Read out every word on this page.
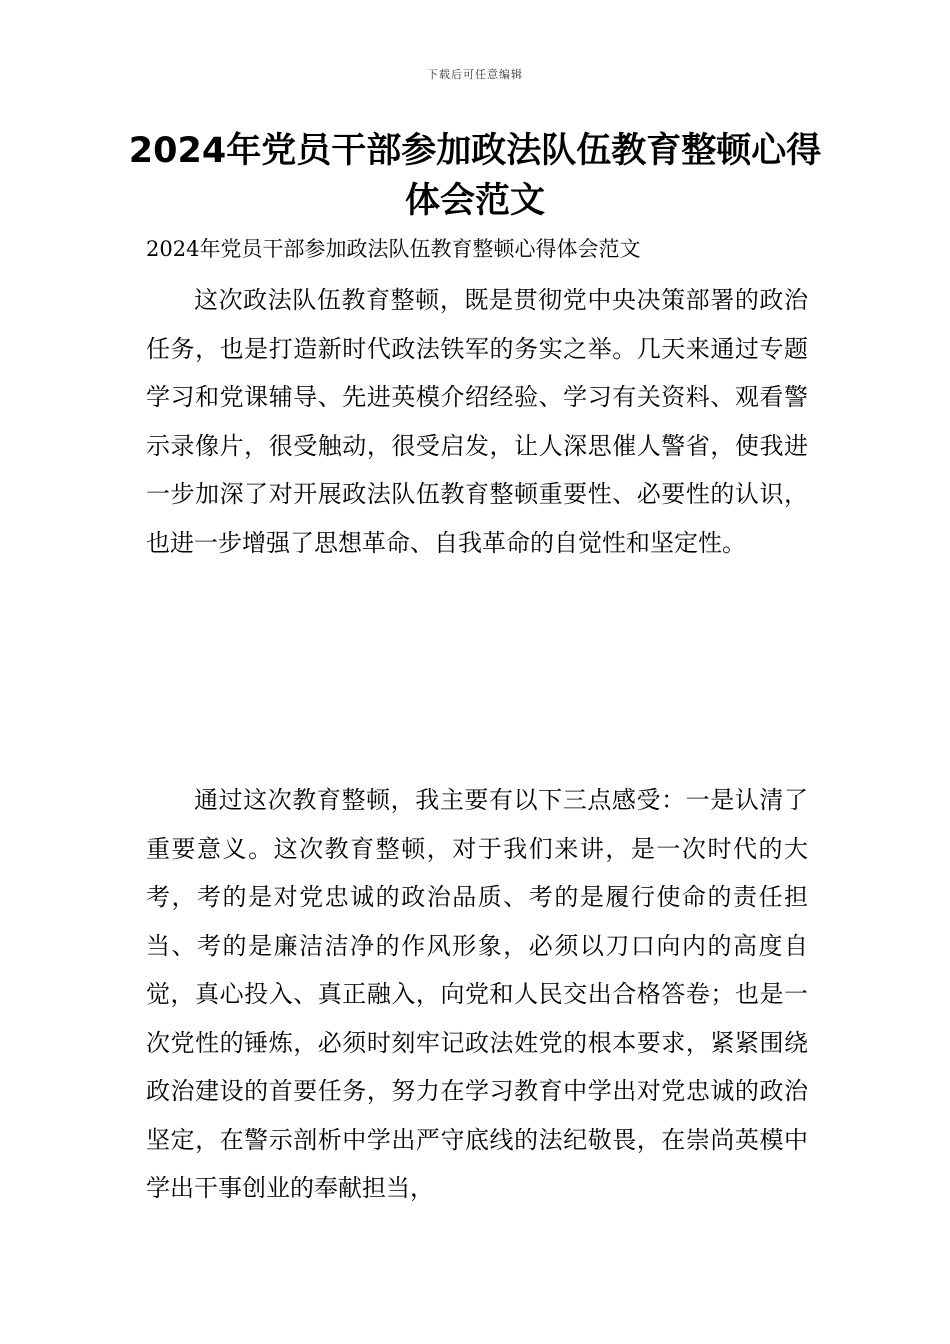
下载后可任意编辑
2024年党员干部参加政法队伍教育整顿心得体会范文
2024年党员干部参加政法队伍教育整顿心得体会范文

这次政法队伍教育整顿，既是贯彻党中央决策部署的政治任务，也是打造新时代政法铁军的务实之举。几天来通过专题学习和党课辅导、先进英模介绍经验、学习有关资料、观看警示录像片，很受触动，很受启发，让人深思催人警省，使我进一步加深了对开展政法队伍教育整顿重要性、必要性的认识，也进一步增强了思想革命、自我革命的自觉性和坚定性。

通过这次教育整顿，我主要有以下三点感受：一是认清了重要意义。这次教育整顿，对于我们来讲，是一次时代的大考，考的是对党忠诚的政治品质、考的是履行使命的责任担当、考的是廉洁洁净的作风形象，必须以刀口向内的高度自觉，真心投入、真正融入，向党和人民交出合格答卷；也是一次党性的锤炼，必须时刻牢记政法姓党的根本要求，紧紧围绕政治建设的首要任务，努力在学习教育中学出对党忠诚的政治坚定，在警示剖析中学出严守底线的法纪敬畏，在崇尚英模中学出干事创业的奉献担当，
